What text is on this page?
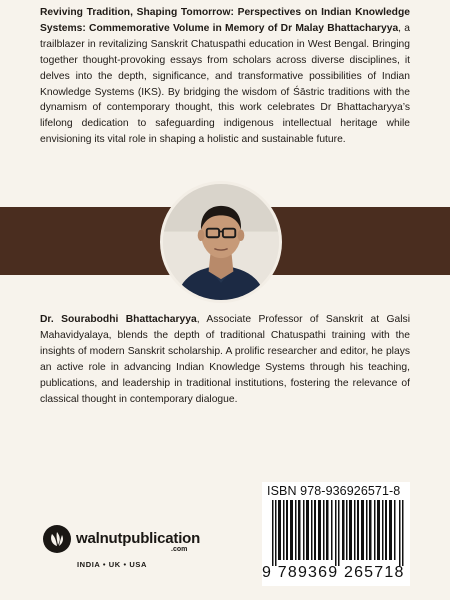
Reviving Tradition, Shaping Tomorrow: Perspectives on Indian Knowledge Systems: Commemorative Volume in Memory of Dr Malay Bhattacharyya, a trailblazer in revitalizing Sanskrit Chatuspathi education in West Bengal. Bringing together thought-provoking essays from scholars across diverse disciplines, it delves into the depth, significance, and transformative possibilities of Indian Knowledge Systems (IKS). By bridging the wisdom of Śāstric traditions with the dynamism of contemporary thought, this work celebrates Dr Bhattacharyya’s lifelong dedication to safeguarding indigenous intellectual heritage while envisioning its vital role in shaping a holistic and sustainable future.
Dr. Sourabodhi Bhattacharyya, Associate Professor of Sanskrit at Galsi Mahavidyalaya, blends the depth of traditional Chatuspathi training with the insights of modern Sanskrit scholarship. A prolific researcher and editor, he plays an active role in advancing Indian Knowledge Systems through his teaching, publications, and leadership in traditional institutions, fostering the relevance of classical thought in contemporary dialogue.
walnutpublication
.com
INDIA • UK • USA
ISBN 978-936926571-8
9 789369 265718
